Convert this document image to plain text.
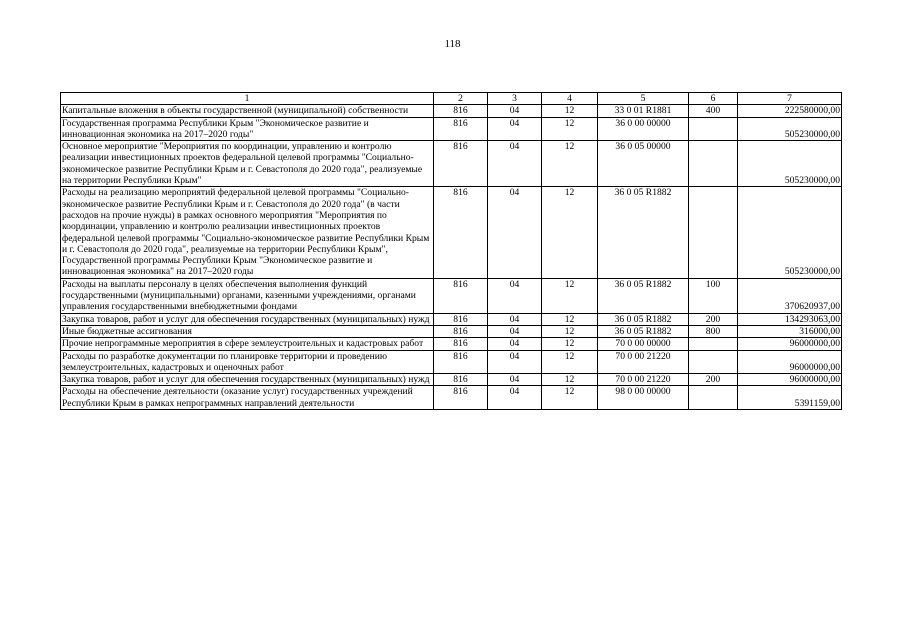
118
1	2	3	4	5	6	7
Капитальные вложения в объекты государственной (муниципальной) собственности	816	04	12	33 0 01 R1881	400	222580000,00
Государственная программа Республики Крым "Экономическое развитие и инновационная экономика на 2017–2020 годы"	816	04	12	36 0 00 00000		505230000,00
Основное мероприятие "Мероприятия по координации, управлению и контролю реализации инвестиционных проектов федеральной целевой программы "Социально-экономическое развитие Республики Крым и г. Севастополя до 2020 года", реализуемые на территории Республики Крым"	816	04	12	36 0 05 00000		505230000,00
Расходы на реализацию мероприятий федеральной целевой программы "Социально-экономическое развитие Республики Крым и г. Севастополя до 2020 года" (в части расходов на прочие нужды) в рамках основного мероприятия "Мероприятия по координации, управлению и контролю реализации инвестиционных проектов федеральной целевой программы "Социально-экономическое развитие Республики Крым и г. Севастополя до 2020 года", реализуемые на территории Республики Крым", Государственной программы Республики Крым "Экономическое развитие и инновационная экономика" на 2017–2020 годы	816	04	12	36 0 05 R1882		505230000,00
Расходы на выплаты персоналу в целях обеспечения выполнения функций государственными (муниципальными) органами, казенными учреждениями, органами управления государственными внебюджетными фондами	816	04	12	36 0 05 R1882	100	370620937,00
Закупка товаров, работ и услуг для обеспечения государственных (муниципальных) нужд	816	04	12	36 0 05 R1882	200	134293063,00
Иные бюджетные ассигнования	816	04	12	36 0 05 R1882	800	316000,00
Прочие непрограммные мероприятия в сфере землеустроительных и кадастровых работ	816	04	12	70 0 00 00000		96000000,00
Расходы по разработке документации по планировке территории и проведению землеустроительных, кадастровых и оценочных работ	816	04	12	70 0 00 21220		96000000,00
Закупка товаров, работ и услуг для обеспечения государственных (муниципальных) нужд	816	04	12	70 0 00 21220	200	96000000,00
Расходы на обеспечение деятельности (оказание услуг) государственных учреждений Республики Крым в рамках непрограммных направлений деятельности	816	04	12	98 0 00 00000		5391159,00
